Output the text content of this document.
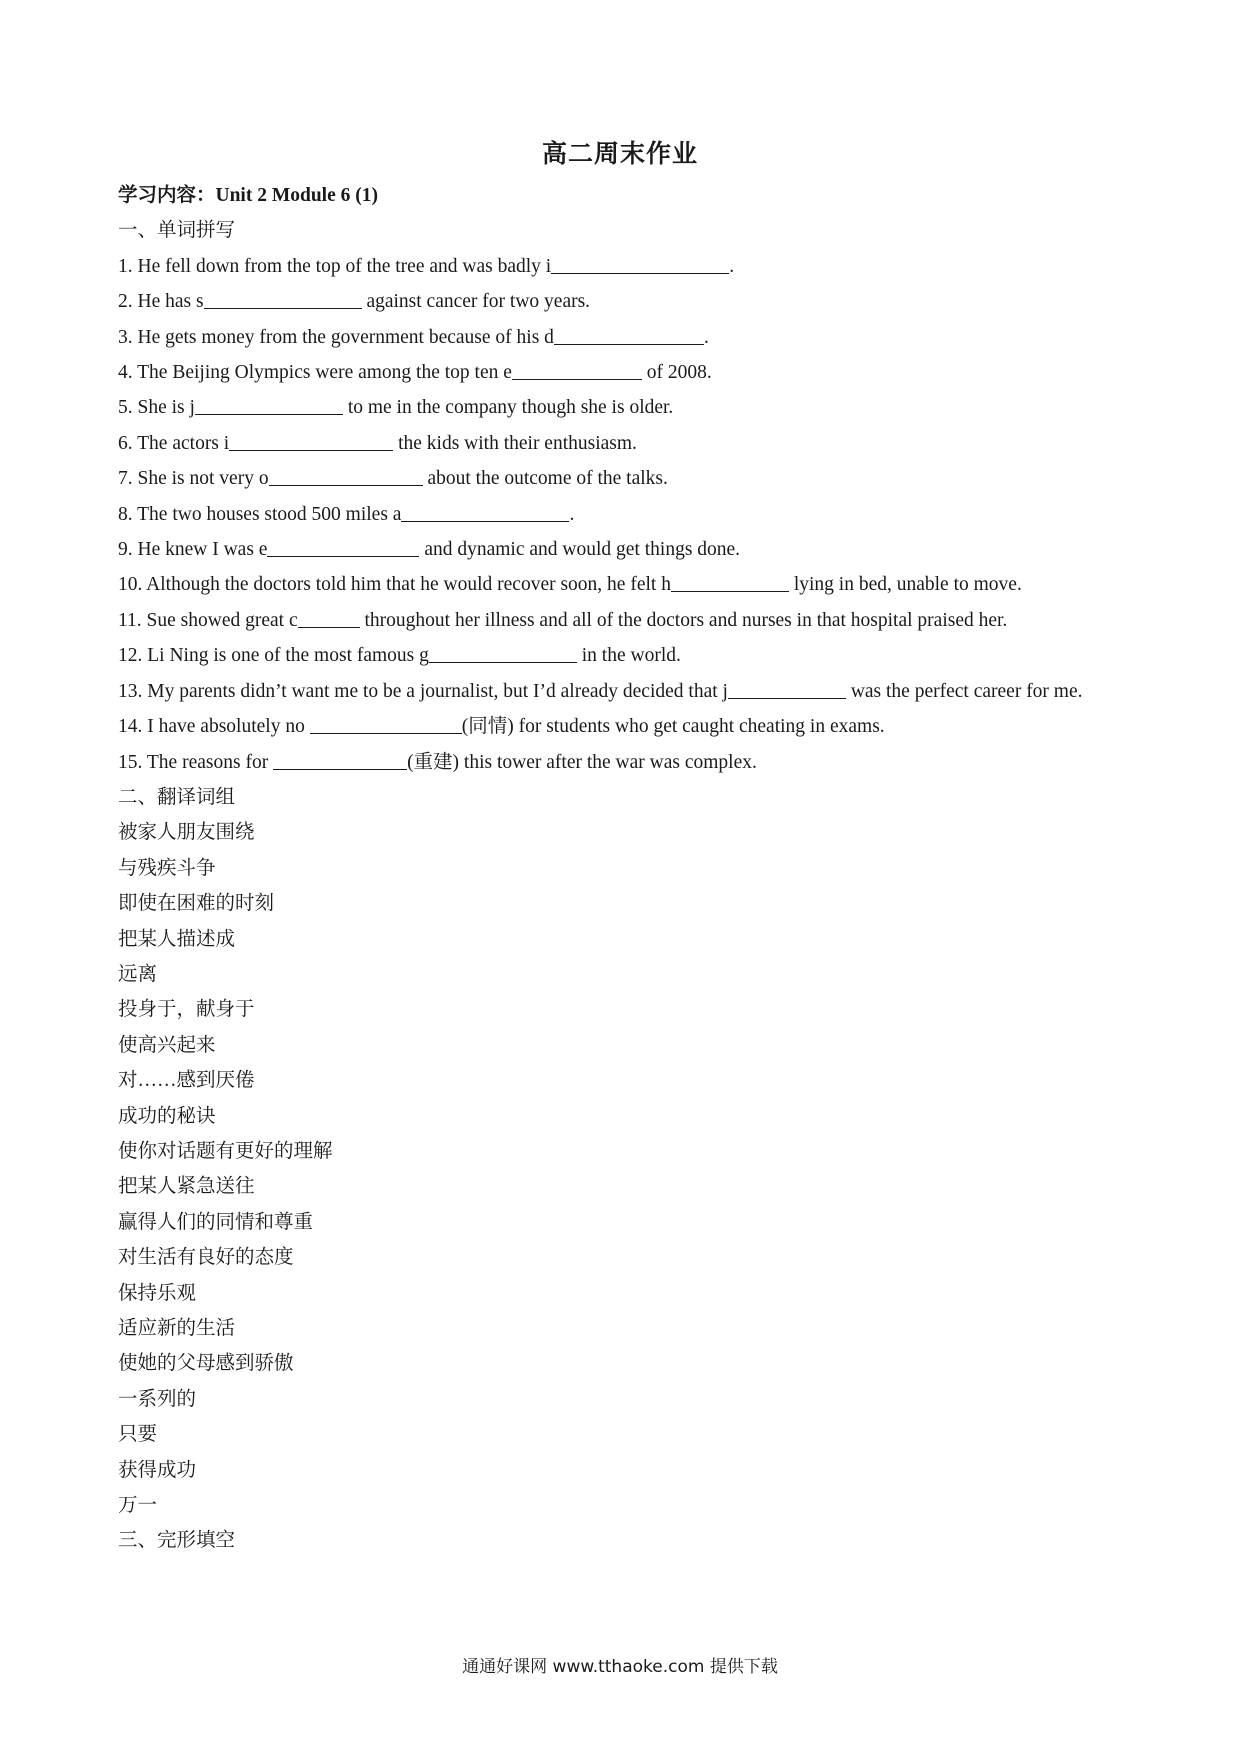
高二周末作业
学习内容：Unit 2 Module 6 (1)
一、单词拼写
1. He fell down from the top of the tree and was badly i	.
2. He has s	against cancer for two years.
3. He gets money from the government because of his d	.
4. The Beijing Olympics were among the top ten e	of 2008.
5. She is j	to me in the company though she is older.
6. The actors i	the kids with their enthusiasm.
7. She is not very o	about the outcome of the talks.
8. The two houses stood 500 miles a	.
9. He knew I was e	and dynamic and would get things done.
10. Although the doctors told him that he would recover soon, he felt h	lying in bed, unable to move.
11. Sue showed great c	throughout her illness and all of the doctors and nurses in that hospital praised her.
12. Li Ning is one of the most famous g	in the world.
13. My parents didn’t want me to be a journalist, but I’d already decided that j	was the perfect career for me.
14. I have absolutely no	(同情) for students who get caught cheating in exams.
15. The reasons for	(重建) this tower after the war was complex.
二、翻译词组
被家人朋友围绕
与残疾斗争
即使在困难的时刻
把某人描述成
远离
投身于，献身于
使高兴起来
对……感到厌倦
成功的秘诀
使你对话题有更好的理解
把某人紧急送往
赢得人们的同情和尊重
对生活有良好的态度
保持乐观
适应新的生活
使她的父母感到骄傲
一系列的
只要
获得成功
万一
三、完形填空
通通好课网 www.tthaoke.com 提供下载
